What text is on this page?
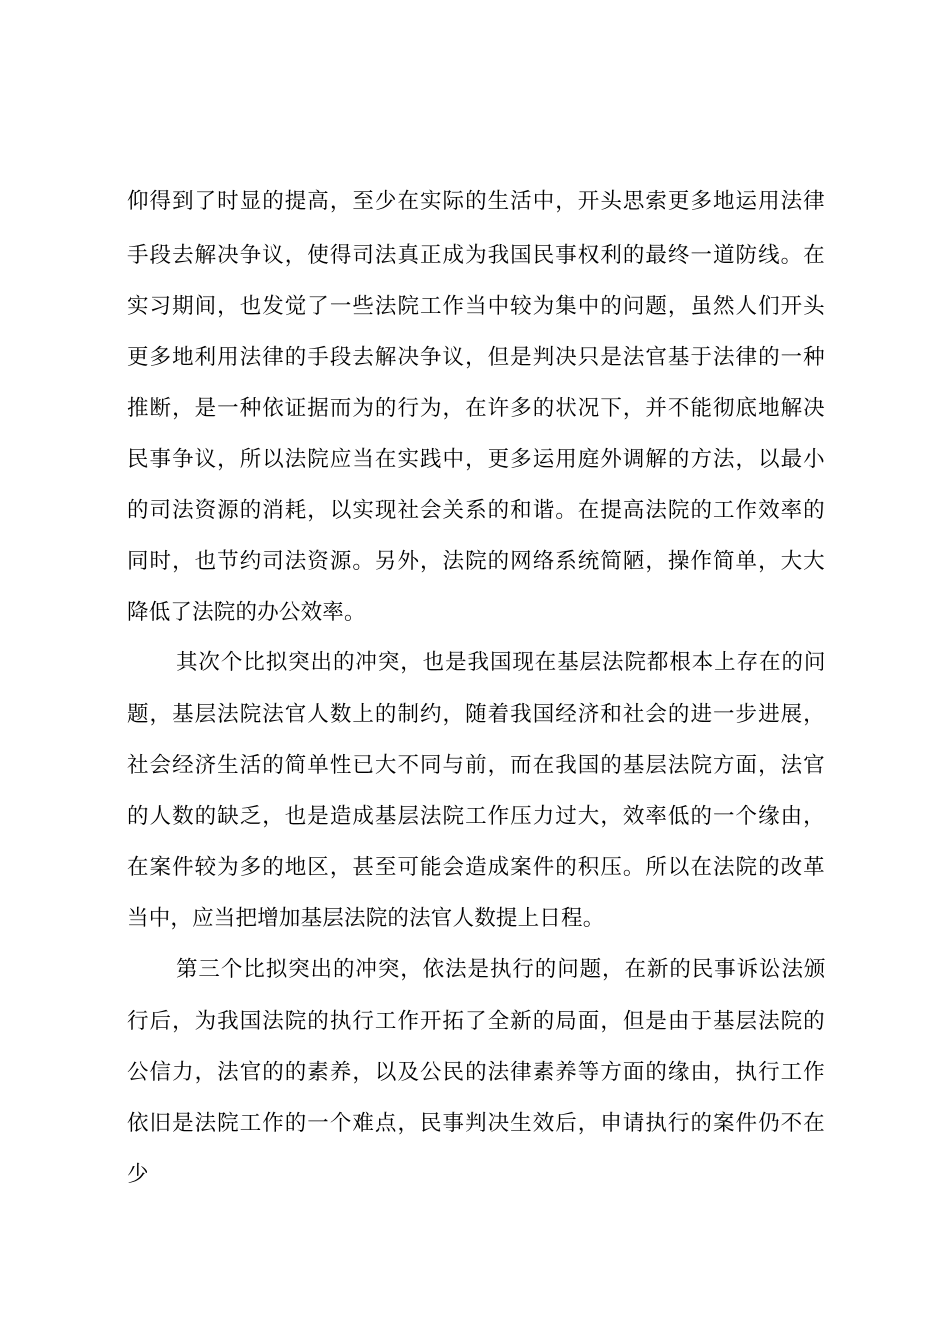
仰得到了时显的提高，至少在实际的生活中，开头思索更多地运用法律
手段去解决争议，使得司法真正成为我国民事权利的最终一道防线。在
实习期间，也发觉了一些法院工作当中较为集中的问题，虽然人们开头
更多地利用法律的手段去解决争议，但是判决只是法官基于法律的一种
推断，是一种依证据而为的行为，在许多的状况下，并不能彻底地解决
民事争议，所以法院应当在实践中，更多运用庭外调解的方法，以最小
的司法资源的消耗，以实现社会关系的和谐。在提高法院的工作效率的
同时，也节约司法资源。另外，法院的网络系统简陋，操作简单，大大
降低了法院的办公效率。
其次个比拟突出的冲突，也是我国现在基层法院都根本上存在的问
题，基层法院法官人数上的制约，随着我国经济和社会的进一步进展，
社会经济生活的简单性已大不同与前，而在我国的基层法院方面，法官
的人数的缺乏，也是造成基层法院工作压力过大，效率低的一个缘由，
在案件较为多的地区，甚至可能会造成案件的积压。所以在法院的改革
当中，应当把增加基层法院的法官人数提上日程。
第三个比拟突出的冲突，依法是执行的问题，在新的民事诉讼法颁
行后，为我国法院的执行工作开拓了全新的局面，但是由于基层法院的
公信力，法官的的素养，以及公民的法律素养等方面的缘由，执行工作
依旧是法院工作的一个难点，民事判决生效后，申请执行的案件仍不在
少
